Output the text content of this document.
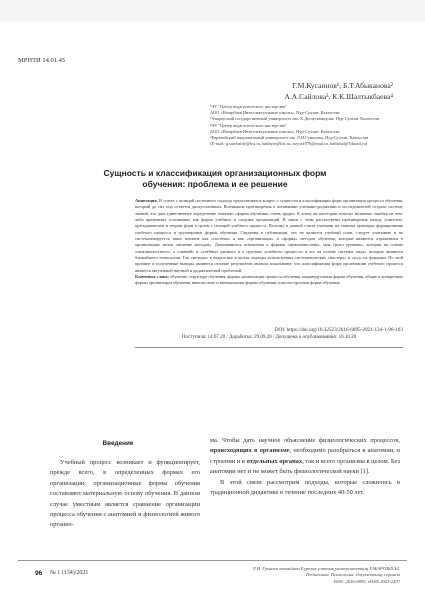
МРНТИ 14.01.45
Г.М.Кусаинов¹, Б.Т.Абыканова²
А.А.Сайлова³, К.К.Шалтыкбаева⁴
¹ЧУ "Центр педагогического мастерства"
АОО «Назарбаев Интеллектуальные школы», Нур-Султан, Казахстан
²Атырауский государственный университет им. Х.Досмухамедова, Нур-Султан, Казахстан
³ЧУ "Центр педагогического мастерства"
АОО «Назарбаев Интеллектуальные школы», Нур-Султан, Казахстан
⁴Евразийский национальный университет им. Л.Н.Гумилева, Нур-Султан, Казахстан
(E-mail: g.satybaldy@list.ru, bakhyte@list.ru, asyoa1976@mail.ru, kaldshal@54mail.ru)
Сущность и классификация организационных форм
обучения: проблема и ее решение
Аннотация. В статье с позиций системного подхода представляется вопрос о сущности и классификации форм организации процесса обучения, который до сих пор остается дискуссионным. Возникшие противоречия в понимании учеными-дидактами и исследователей создали систему знаний, что дать единственное определение понятию «форма обучения» очень трудно. К этому же категории относят типичные ошибки на чем-либо временных основаниях как форма учебных и сходных организаций. В связи с этим рассмотрены противоречия между учителем-преподавателем и теории форм в целом с позиций учебного процесса. Поэтому в данной статье учеными на главных примерах формирования учебного процесса и группировки формы обучения. Сведения в публикации, что не является учебный план, следует учитывать и не систематизируется такое понятие как «система» и как «организация» и «форма» методов обучения, которые являются отражением в организациях типов «явление методов». Доказываются отношения к формам «межличностных, меж групп уровнях», которые на основе «межличностного», а «знаний» и «учебных данных» и к группам «учебного процесса» и его на основе системы «вид», которые являются ближайшего технологии. Так «методы» в педагогике в целом подходы используемых систематических «мастера» и «ход» их формами. По этой причине и полученные выводы являются отличие результатов анализа показывают, что классификация форм организации учебного процесса является актуальной научной и дидактической проблемой.
Ключевые слова: обучение, структура обучения, формы организации процесса обучения, индивидуальная форма обучения, общие и конкретные формы организации обучения, внеклассные и внешкольные формы обучения, классно-урочная форма обучения.
DOI: https://doi.org/10.32523/2616-6895-2021-134-1-96-103
Поступила: 14.07.20 / Доработка: 29.09.20 / Допущена к опубликованию: 16.10.20
Введение

Учебный процесс возникает и функционирует, прежде всего, в определенных формах его организации: организационные формы обучения составляют материальную основу обучения. В данном случае уместным является сравнение организации процесса обучения с анатомией и физиологией живого организ-

ма. Чтобы дать научное объяснение физиологических процессов, происходящих в организме, необходимо разобраться в анатомии, в строении и в отдельных органах, так и всего организма в целом. Без анатомии нет и не может быть физиологической науки [1].

В этой связи рассмотрим подходы, которые сложились в традиционной дидактике в течение последних 40-50 лет.

96 № 1 (134)/2021
Л.Н. Гумилев атындағы Еуразия ұлттық университетінің ХАБАРШЫСЫ.
Педагогика. Психология. Әлеуметтану сериясы
ISSN: 2616-6895, eISSN 2663-2497
